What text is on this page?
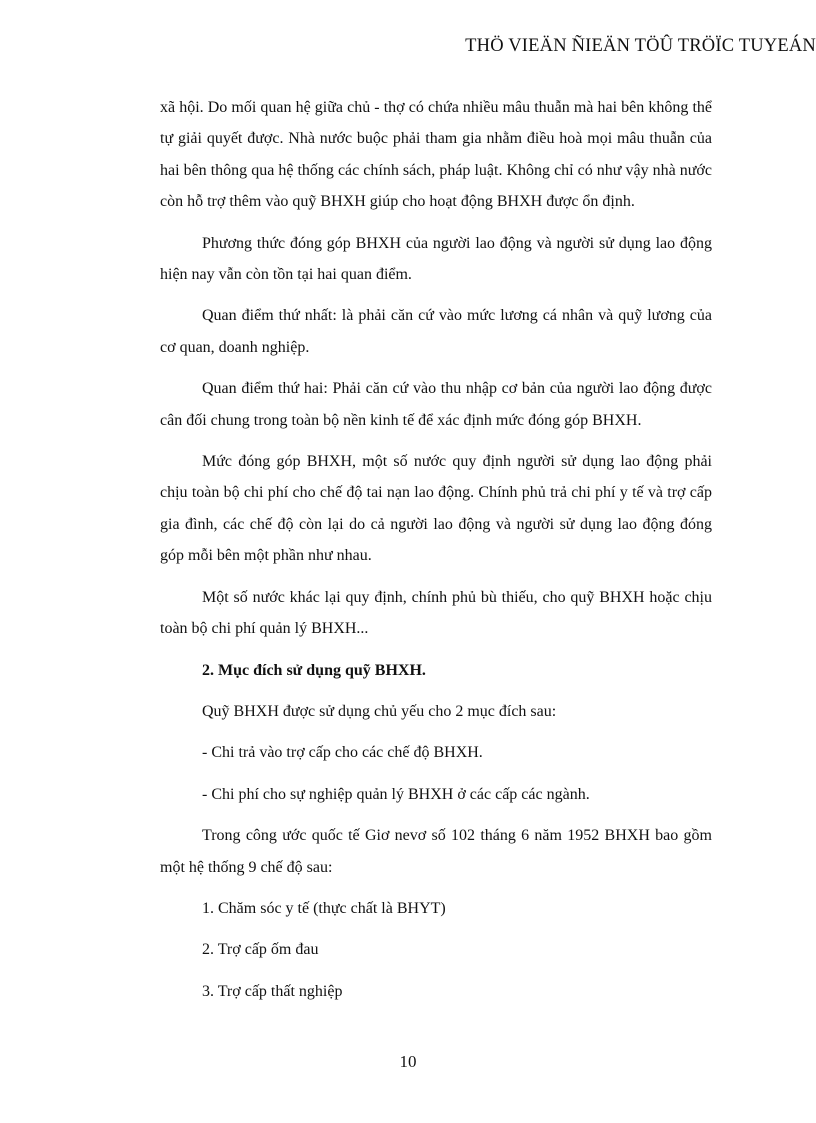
THÖ VIEÄN ÑIEÄN TÖÛ TRÖÏC TUYEÁN

xã hội. Do mối quan hệ giữa chủ - thợ có chứa nhiều mâu thuẫn mà hai bên không thể tự giải quyết được. Nhà nước buộc phải tham gia nhằm điều hoà mọi mâu thuẫn của hai bên thông qua hệ thống các chính sách, pháp luật. Không chỉ có như vậy nhà nước còn hỗ trợ thêm vào quỹ BHXH giúp cho hoạt động BHXH được ổn định.

Phương thức đóng góp BHXH của người lao động và người sử dụng lao động hiện nay vẫn còn tồn tại hai quan điểm.

Quan điểm thứ nhất: là phải căn cứ vào mức lương cá nhân và quỹ lương của cơ quan, doanh nghiệp.

Quan điểm thứ hai: Phải căn cứ vào thu nhập cơ bản của người lao động được cân đối chung trong toàn bộ nền kinh tế để xác định mức đóng góp BHXH.

Mức đóng góp BHXH, một số nước quy định người sử dụng lao động phải chịu toàn bộ chi phí cho chế độ tai nạn lao động. Chính phủ trả chi phí y tế và trợ cấp gia đình, các chế độ còn lại do cả người lao động và người sử dụng lao động đóng góp mỗi bên một phần như nhau.

Một số nước khác lại quy định, chính phủ bù thiếu, cho quỹ BHXH hoặc chịu toàn bộ chi phí quản lý BHXH...

2. Mục đích sử dụng quỹ BHXH.

Quỹ BHXH được sử dụng chủ yếu cho 2 mục đích sau:

- Chi trả vào trợ cấp cho các chế độ BHXH.

- Chi phí cho sự nghiệp quản lý BHXH ở các cấp các ngành.

Trong công ước quốc tế Giơ nevơ số 102 tháng 6 năm 1952 BHXH bao gồm một hệ thống 9 chế độ sau:

1. Chăm sóc y tế (thực chất là BHYT)

2. Trợ cấp ốm đau

3. Trợ cấp thất nghiệp

10
